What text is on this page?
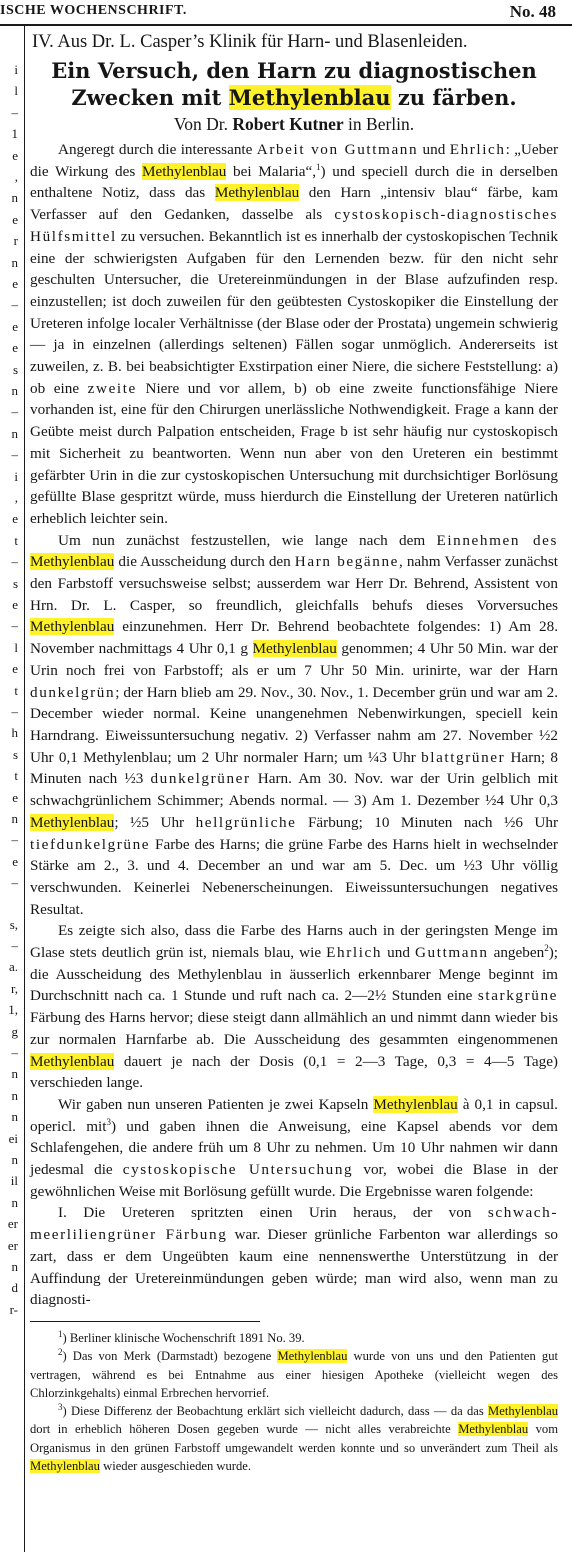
ISCHE WOCHENSCHRIFT.	No. 48
i
l
–
1
e
,
n
e
r
n
e
–
e
e
s
n
–
n
–
i
,
e
t
–
s
e
–
l
e
t
–
h
s
t
e
n
–
e
–
s,
–
a.
r,
1,
g
–
n
n
n
ei
n
il
n
er
er
n
d
r-
IV. Aus Dr. L. Casper’s Klinik für Harn- und Blasenleiden.
Ein Versuch, den Harn zu diagnostischen
Zwecken mit Methylenblau zu färben.
Von Dr. Robert Kutner in Berlin.

Angeregt durch die interessante Arbeit von Guttmann und Ehrlich: „Ueber die Wirkung des Methylenblau bei Malaria“,$^1$) und speciell durch die in derselben enthaltene Notiz, dass das Methylenblau den Harn „intensiv blau“ färbe, kam Verfasser auf den Gedanken, dasselbe als cystoskopisch-diagnostisches Hülfsmittel zu versuchen. Bekanntlich ist es innerhalb der cystoskopischen Technik eine der schwierigsten Aufgaben für den Lernenden bezw. für den nicht sehr geschulten Untersucher, die Uretereinmündungen in der Blase aufzufinden resp. einzustellen; ist doch zuweilen für den geübtesten Cystoskopiker die Einstellung der Ureteren infolge localer Verhältnisse (der Blase oder der Prostata) ungemein schwierig — ja in einzelnen (allerdings seltenen) Fällen sogar unmöglich. Andererseits ist zuweilen, z. B. bei beabsichtigter Exstirpation einer Niere, die sichere Feststellung: a) ob eine zweite Niere und vor allem, b) ob eine zweite functionsfähige Niere vorhanden ist, eine für den Chirurgen unerlässliche Nothwendigkeit. Frage a kann der Geübte meist durch Palpation entscheiden, Frage b ist sehr häufig nur cystoskopisch mit Sicherheit zu beantworten. Wenn nun aber von den Ureteren ein bestimmt gefärbter Urin in die zur cystoskopischen Untersuchung mit durchsichtiger Borlösung gefüllte Blase gespritzt würde, muss hierdurch die Einstellung der Ureteren natürlich erheblich leichter sein.

Um nun zunächst festzustellen, wie lange nach dem Einnehmen des Methylenblau die Ausscheidung durch den Harn begänne, nahm Verfasser zunächst den Farbstoff versuchsweise selbst; ausserdem war Herr Dr. Behrend, Assistent von Hrn. Dr. L. Casper, so freundlich, gleichfalls behufs dieses Vorversuches Methylenblau einzunehmen. Herr Dr. Behrend beobachtete folgendes: 1) Am 28. November nachmittags 4 Uhr 0,1 g Methylenblau genommen; 4 Uhr 50 Min. war der Urin noch frei von Farbstoff; als er um 7 Uhr 50 Min. urinirte, war der Harn dunkelgrün; der Harn blieb am 29. Nov., 30. Nov., 1. December grün und war am 2. December wieder normal. Keine unangenehmen Nebenwirkungen, speciell kein Harndrang. Eiweissuntersuchung negativ. 2) Verfasser nahm am 27. November ½2 Uhr 0,1 Methylenblau; um 2 Uhr normaler Harn; um ¼3 Uhr blattgrüner Harn; 8 Minuten nach ½3 dunkelgrüner Harn. Am 30. Nov. war der Urin gelblich mit schwachgrünlichem Schimmer; Abends normal. — 3) Am 1. Dezember ½4 Uhr 0,3 Methylenblau; ½5 Uhr hellgrünliche Färbung; 10 Minuten nach ½6 Uhr tiefdunkelgrüne Farbe des Harns; die grüne Farbe des Harns hielt in wechselnder Stärke am 2., 3. und 4. December an und war am 5. Dec. um ½3 Uhr völlig verschwunden. Keinerlei Nebenerscheinungen. Eiweissuntersuchungen negatives Resultat.

Es zeigte sich also, dass die Farbe des Harns auch in der geringsten Menge im Glase stets deutlich grün ist, niemals blau, wie Ehrlich und Guttmann angeben$^2$); die Ausscheidung des Methylenblau in äusserlich erkennbarer Menge beginnt im Durchschnitt nach ca. 1 Stunde und ruft nach ca. 2—2½ Stunden eine starkgrüne Färbung des Harns hervor; diese steigt dann allmählich an und nimmt dann wieder bis zur normalen Harnfarbe ab. Die Ausscheidung des gesammten eingenommenen Methylenblau dauert je nach der Dosis (0,1 = 2—3 Tage, 0,3 = 4—5 Tage) verschieden lange.

Wir gaben nun unseren Patienten je zwei Kapseln Methylenblau à 0,1 in capsul. opericl. mit$^3$) und gaben ihnen die Anweisung, eine Kapsel abends vor dem Schlafengehen, die andere früh um 8 Uhr zu nehmen. Um 10 Uhr nahmen wir dann jedesmal die cystoskopische Untersuchung vor, wobei die Blase in der gewöhnlichen Weise mit Borlösung gefüllt wurde. Die Ergebnisse waren folgende:

I. Die Ureteren spritzten einen Urin heraus, der von schwach-meerliliengrüner Färbung war. Dieser grünliche Farbenton war allerdings so zart, dass er dem Ungeübten kaum eine nennenswerthe Unterstützung in der Auffindung der Uretereinmündungen geben würde; man wird also, wenn man zu diagnosti-

$^1$) Berliner klinische Wochenschrift 1891 No. 39.

$^2$) Das von Merk (Darmstadt) bezogene Methylenblau wurde von uns und den Patienten gut vertragen, während es bei Entnahme aus einer hiesigen Apotheke (vielleicht wegen des Chlorzinkgehalts) einmal Erbrechen hervorrief.

$^3$) Diese Differenz der Beobachtung erklärt sich vielleicht dadurch, dass — da das Methylenblau dort in erheblich höheren Dosen gegeben wurde — nicht alles verabreichte Methylenblau vom Organismus in den grünen Farbstoff umgewandelt werden konnte und so unverändert zum Theil als Methylenblau wieder ausgeschieden wurde.
